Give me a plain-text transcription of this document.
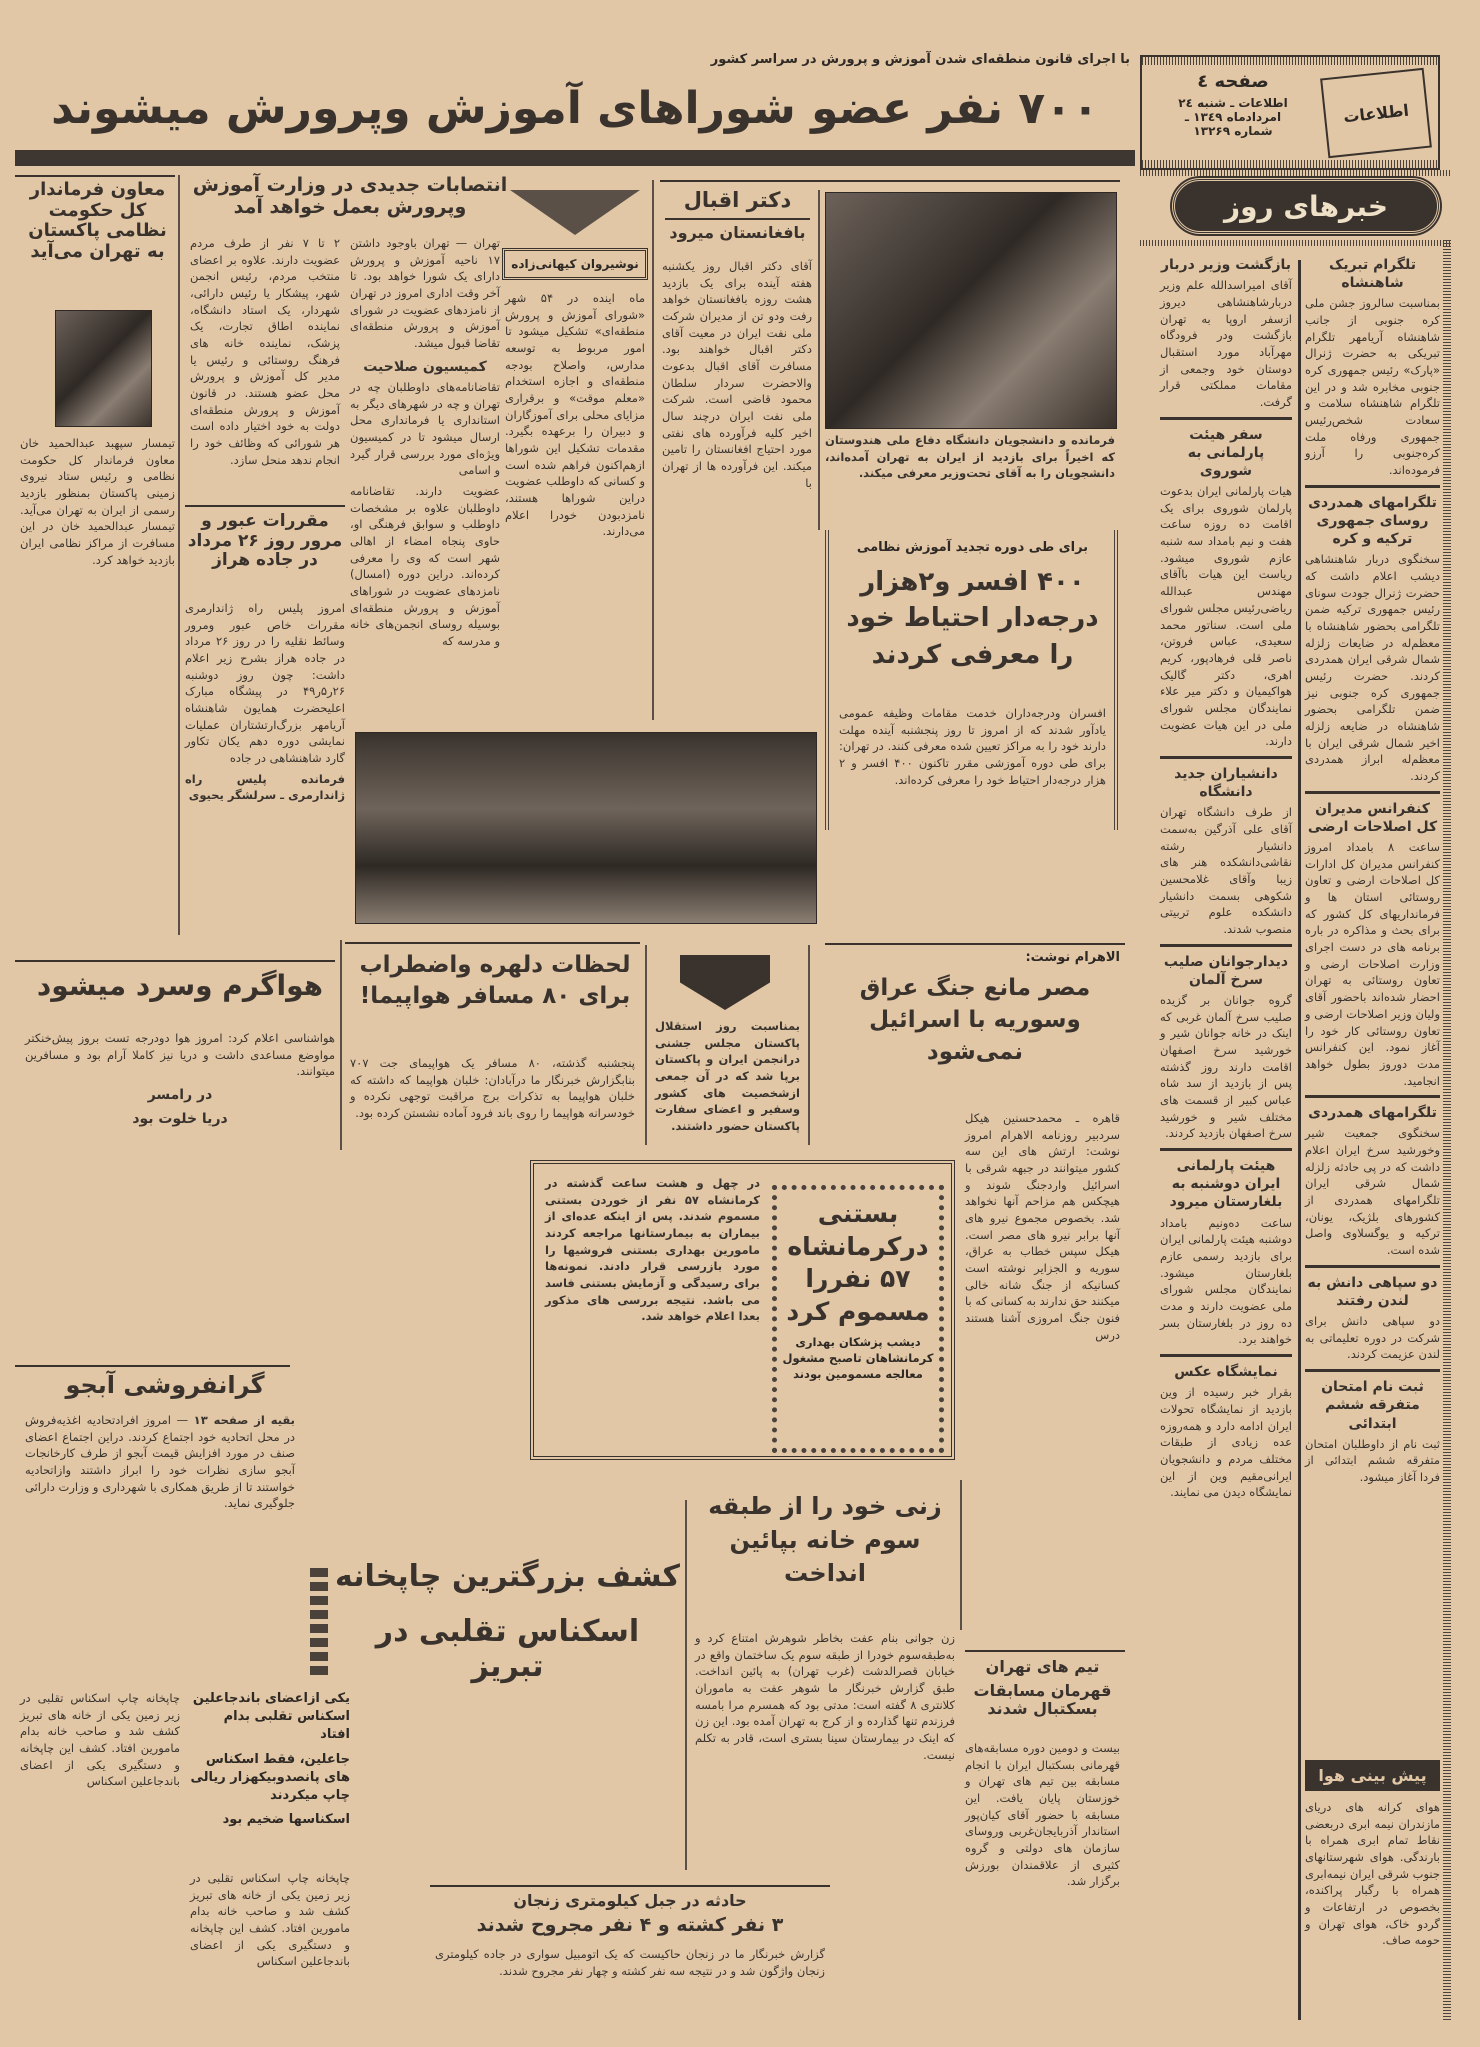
اطلاعات
صفحه ٤
اطلاعات ـ شنبه ۲٤
امردادماه ۱۳٤۹ ـ
شماره ۱۳۲۶۹
با اجرای قانون منطقه‌ای شدن آموزش و پرورش در سراسر کشور
۷۰۰ نفر عضو شوراهای آموزش وپرورش میشوند
معاون فرماندار کل حکومت نظامی پاکستان به تهران می‌آید
تیمسار سپهبد عبدالحمید خان معاون فرماندار کل حکومت نظامی و رئیس ستاد نیروی زمینی پاکستان بمنظور بازدید رسمی از ایران به تهران می‌آید. تیمسار عبدالحمید خان در این مسافرت از مراکز نظامی ایران بازدید خواهد کرد.
انتصابات جدیدی در وزارت آموزش وپرورش بعمل خواهد آمد
تهران — تهران باوجود داشتن ۱۷ ناحیه آموزش و پرورش دارای یک شورا خواهد بود. تا آخر وقت اداری امروز در تهران از نامزدهای عضویت در شورای آموزش و پرورش منطقه‌ای تقاضا قبول میشد.
کمیسیون صلاحیت
تقاضانامه‌های داوطلبان چه در تهران و چه در شهرهای دیگر به استانداری یا فرمانداری محل ارسال میشود تا در کمیسیون ویژه‌ای مورد بررسی قرار گیرد و اسامی
عضویت دارند. تقاضانامه داوطلبان علاوه بر مشخصات داوطلب و سوابق فرهنگی او، حاوی پنجاه امضاء از اهالی شهر است که وی را معرفی کرده‌اند. دراین دوره (امسال) نامزدهای عضویت در شوراهای آموزش و پرورش منطقه‌ای بوسیله روسای انجمن‌های خانه و مدرسه که
۲ تا ۷ نفر از طرف مردم عضویت دارند. علاوه بر اعضای منتخب مردم، رئیس انجمن شهر، پیشکار یا رئیس دارائی، شهردار، یک استاد دانشگاه، نماینده اطاق تجارت، یک پزشک، نماینده خانه های فرهنگ روستائی و رئیس یا مدیر کل آموزش و پرورش محل عضو هستند. در قانون آموزش و پرورش منطقه‌ای دولت به خود اختیار داده است هر شورائی که وظائف خود را انجام ندهد منحل سازد.
مقررات عبور و مرور روز ۲۶ مرداد در جاده هراز
امروز پلیس راه ژاندارمری مقررات خاص عبور ومرور وسائط نقلیه را در روز ۲۶ مرداد در جاده هراز بشرح زیر اعلام داشت: چون روز دوشنبه ۲۶ر۵ر۴۹ در پیشگاه مبارک اعلیحضرت همایون شاهنشاه آریامهر بزرگ‌ارتشتاران عملیات نمایشی دوره دهم یکان تکاور گارد شاهنشاهی در جاده
فرمانده پلیس راه ژاندارمری ـ سرلشگر یحیوی
نوشیروان کیهانی‌زاده
ماه اینده در ۵۴ شهر «شورای آموزش و پرورش منطقه‌ای» تشکیل میشود تا امور مربوط به توسعه مدارس، واصلاح بودجه منطقه‌ای و اجازه استخدام «معلم موقت» و برقراری مزایای محلی برای آموزگاران و دبیران را برعهده بگیرد. مقدمات تشکیل این شوراها ازهم‌اکنون فراهم شده است و کسانی که داوطلب عضویت دراین شوراها هستند، نامزدبودن خودرا اعلام می‌دارند.
دکتر اقبال
بافغانستان میرود
آقای دکتر اقبال روز یکشنبه هفته آینده برای یک بازدید هشت روزه بافغانستان خواهد رفت ودو تن از مدیران شرکت ملی نفت ایران در معیت آقای دکتر اقبال خواهند بود. مسافرت آقای اقبال بدعوت والاحضرت سردار سلطان محمود قاضی است. شرکت ملی نفت ایران درچند سال اخیر کلیه فرآورده های نفتی مورد احتیاج افغانستان را تامین میکند. این فرآورده ها از تهران با
فرمانده و دانشجویان دانشگاه دفاع ملی هندوستان که اخیراً برای بازدید از ایران به تهران آمده‌اند، دانشجویان را به آقای تحت‌وزیر معرفی میکند.
برای طی دوره تجدید آموزش نظامی
۴۰۰ افسر و۲هزار درجه‌دار احتیاط خود را معرفی کردند
افسران ودرجه‌داران خدمت مقامات وظیفه عمومی یادآور شدند که از امروز تا روز پنجشنبه آینده مهلت دارند خود را به مراکز تعیین شده معرفی کنند. در تهران: برای طی دوره آموزشی مقرر تاکنون ۴۰۰ افسر و ۲ هزار درجه‌دار احتیاط خود را معرفی کرده‌اند.
هواگرم وسرد میشود
هواشناسی اعلام کرد: امروز هوا دودرجه تست بروز پیش‌خنکتر مواوضع مساعدی داشت و دریا نیز کاملا آرام بود و مسافرین میتوانند.
در رامسر
دریا خلوت بود
لحظات دلهره واضطراب برای ۸۰ مسافر هواپیما!
پنجشنبه گذشته، ۸۰ مسافر یک هواپیمای جت ۷۰۷ بنابگزارش خبرنگار ما درآبادان: خلبان هواپیما که داشته که خلبان هواپیما به تذکرات برج مراقبت توجهی نکرده و خودسرانه هواپیما را روی باند فرود آماده نشستن کرده بود.
بمناسبت روز استقلال پاکستان مجلس جشنی درانجمن ایران و پاکستان برپا شد که در آن جمعی ازشخصیت های کشور وسفیر و اعضای سفارت پاکستان حضور داشتند.
الاهرام نوشت:
مصر مانع جنگ عراق وسوریه با اسرائیل نمی‌شود
قاهره ـ محمدحسنین هیکل سردبیر روزنامه الاهرام امروز نوشت: ارتش های این سه کشور میتوانند در جبهه شرقی با اسرائیل واردجنگ شوند و هیچکس هم مزاحم آنها نخواهد شد. بخصوص مجموع نیرو های آنها برابر نیرو های مصر است. هیکل سپس خطاب به عراق، سوریه و الجزایر نوشته است کسانیکه از جنگ شانه خالی میکنند حق ندارند به کسانی که با فنون جنگ امروزی آشنا هستند درس
در چهل و هشت ساعت گذشته در کرمانشاه ۵۷ نفر از خوردن بستنی مسموم شدند. پس از اینکه عده‌ای از بیماران به بیمارستانها مراجعه کردند مامورین بهداری بستنی فروشیها را مورد بازرسی قرار دادند. نمونه‌ها برای رسیدگی و آزمایش بستنی فاسد می باشد. نتیجه بررسی های مذکور بعدا اعلام خواهد شد.
بستنی درکرمانشاه ۵۷ نفررا مسموم کرد
دیشب پزشکان بهداری کرمانشاهان تاصبح مشغول معالجه مسمومین بودند
گرانفروشی آبجو
بقیه از صفحه ۱۳ — امروز افرادتحادیه اغذیه‌فروش در محل اتحادیه خود اجتماع کردند. دراین اجتماع اعضای صنف در مورد افزایش قیمت آبجو از طرف کارخانجات آبجو سازی نظرات خود را ابراز داشتند وازاتحادیه خواستند تا از طریق همکاری با شهرداری و وزارت دارائی جلوگیری نماید.
کشف بزرگترین چاپخانه
اسکناس تقلبی در تبریز
یکی ازاعضای باندجاعلین اسکناس تقلبی بدام افتاد
جاعلین، فقط اسکناس های پانصدوبیکهزار ریالی چاپ میکردند
اسکناسها ضخیم بود
چاپخانه چاپ اسکناس تقلبی در زیر زمین یکی از خانه های تبریز کشف شد و صاحب خانه بدام مامورین افتاد. کشف این چاپخانه و دستگیری یکی از اعضای باندجاعلین اسکناس
چاپخانه چاپ اسکناس تقلبی در زیر زمین یکی از خانه های تبریز کشف شد و صاحب خانه بدام مامورین افتاد. کشف این چاپخانه و دستگیری یکی از اعضای باندجاعلین اسکناس
زنی خود را از طبقه سوم خانه بپائین انداخت
زن جوانی بنام عفت بخاطر شوهرش امتناع کرد و به‌طبقه‌سوم خودرا از طبقه سوم یک ساختمان واقع در خیابان قصرالدشت (غرب تهران) به پائین انداخت. طبق گزارش خبرنگار ما شوهر عفت به ماموران کلانتری ۸ گفته است: مدتی بود که همسرم مرا بامسه فرزندم تنها گذارده و از کرج به تهران آمده بود. این زن که اینک در بیمارستان سینا بستری است، قادر به تکلم نیست.
حادثه در جبل کیلومتری زنجان
۳ نفر کشته و ۴ نفر مجروح شدند
گزارش خبرنگار ما در زنجان حاکیست که یک اتومبیل سواری در جاده کیلومتری زنجان واژگون شد و در نتیجه سه نفر کشته و چهار نفر مجروح شدند.
تیم های تهران
قهرمان مسابقات بسکتبال شدند
بیست و دومین دوره مسابقه‌های قهرمانی بسکتبال ایران با انجام مسابقه بین تیم های تهران و خوزستان پایان یافت. این مسابقه با حضور آقای کیان‌پور استاندار آذربایجان‌غربی وروسای سازمان های دولتی و گروه کثیری از علاقمندان بورزش برگزار شد.
خبرهای روز
تلگرام تبریک شاهنشاه
بمناسبت سالروز جشن ملی کره جنوبی از جانب شاهنشاه آریامهر تلگرام تبریکی به حضرت ژنرال «پارک» رئیس جمهوری کره جنوبی مخابره شد و در این تلگرام شاهنشاه سلامت و سعادت شخص‌رئیس جمهوری ورفاه ملت کره‌جنوبی را آرزو فرموده‌اند.
تلگرامهای همدردی روسای جمهوری ترکیه و کره
سخنگوی دربار شاهنشاهی دیشب اعلام داشت که حضرت ژنرال جودت سونای رئیس جمهوری ترکیه ضمن تلگرامی بحضور شاهنشاه با معظم‌له در ضایعات زلزله شمال شرقی ایران همدردی کردند. حضرت رئیس جمهوری کره جنوبی نیز ضمن تلگرامی بحضور شاهنشاه در ضایعه زلزله اخیر شمال شرقی ایران با معظم‌له ابراز همدردی کردند.
کنفرانس مدیران کل اصلاحات ارضی
ساعت ۸ بامداد امروز کنفرانس مدیران کل ادارات کل اصلاحات ارضی و تعاون روستائی استان ها و فرمانداریهای کل کشور که برای بحث و مذاکره در باره برنامه های در دست اجرای وزارت اصلاحات ارضی و تعاون روستائی به تهران احضار شده‌اند باحضور آقای ولیان وزیر اصلاحات ارضی و تعاون روستائی کار خود را آغاز نمود. این کنفرانس مدت دوروز بطول خواهد انجامید.
تلگرامهای همدردی
سخنگوی جمعیت شیر وخورشید سرخ ایران اعلام داشت که در پی حادثه زلزله شمال شرقی ایران تلگرامهای همدردی از کشورهای بلژیک، یونان، ترکیه و یوگسلاوی واصل شده است.
دو سپاهی دانش به لندن رفتند
دو سپاهی دانش برای شرکت در دوره تعلیماتی به لندن عزیمت کردند.
ثبت نام امتحان متفرقه ششم ابتدائی
ثبت نام از داوطلبان امتحان متفرقه ششم ابتدائی از فردا آغاز میشود.
بازگشت وزیر دربار
آقای امیراسدالله علم وزیر دربارشاهنشاهی دیروز ازسفر اروپا به تهران بازگشت ودر فرودگاه مهرآباد مورد استقبال دوستان خود وجمعی از مقامات مملکتی قرار گرفت.
سفر هیئت پارلمانی به شوروی
هیات پارلمانی ایران بدعوت پارلمان شوروی برای یک اقامت ده روزه ساعت هفت و نیم بامداد سه شنبه عازم شوروی میشود. ریاست این هیات باآقای مهندس عبدالله ریاضی‌رئیس مجلس شورای ملی است. سناتور محمد سعیدی، عباس فروتن، ناصر قلی فرهادپور، کریم اهری، دکتر گالیک هواکیمیان و دکتر میر علاء نمایندگان مجلس شورای ملی در این هیات عضویت دارند.
دانشیاران جدید دانشگاه
از طرف دانشگاه تهران آقای علی آذرگین به‌سمت دانشیار رشته نقاشی‌دانشکده هنر های زیبا وآقای غلامحسین شکوهی بسمت دانشیار دانشکده علوم تربیتی منصوب شدند.
دیدارجوانان صلیب سرخ آلمان
گروه جوانان بر گزیده صلیب سرخ آلمان غربی که اینک در خانه جوانان شیر و خورشید سرخ اصفهان اقامت دارند روز گذشته پس از بازدید از سد شاه عباس کبیر از قسمت های مختلف شیر و خورشید سرخ اصفهان بازدید کردند.
هیئت پارلمانی ایران دوشنبه به بلغارستان میرود
ساعت ده‌ونیم بامداد دوشنبه هیئت پارلمانی ایران برای بازدید رسمی عازم بلغارستان میشود. نمایندگان مجلس شورای ملی عضویت دارند و مدت ده روز در بلغارستان بسر خواهند برد.
نمایشگاه عکس
بقرار خبر رسیده از وین بازدید از نمایشگاه تحولات ایران ادامه دارد و همه‌روزه عده زیادی از طبقات مختلف مردم و دانشجویان ایرانی‌مقیم وین از این نمایشگاه دیدن می نمایند.
پیش بینی هوا
هوای کرانه های دریای مازندران نیمه ابری دربعضی نقاط تمام ابری همراه با بارندگی. هوای شهرستانهای جنوب شرقی ایران نیمه‌ابری همراه با رگبار پراکنده، بخصوص در ارتفاعات و گردو خاک، هوای تهران و حومه صاف.
